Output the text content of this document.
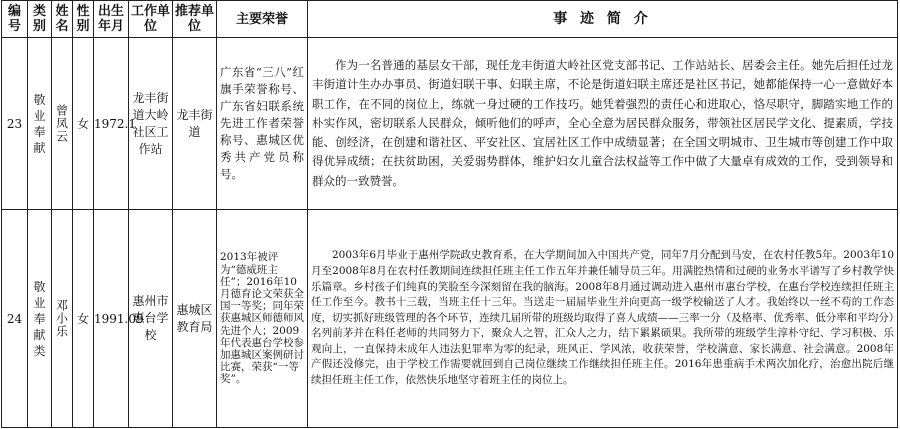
编号	类别	姓名	性别	出生年月	工作单位	推荐单位	主要荣誉	事 迹 简 介
23	敬业奉献	曾凤云	女	1972.1	龙丰街道大岭社区工作站	龙丰街道	广东省“三八”红旗手荣誉称号、广东省妇联系统先进工作者荣誉称号、惠城区优秀共产党员称号。	作为一名普通的基层女干部，现任龙丰街道大岭社区党支部书记、工作站站长、居委会主任。她先后担任过龙丰街道计生办办事员、街道妇联干事、妇联主席，不论是街道妇联主席还是社区书记，她都能保持一心一意做好本职工作，在不同的岗位上，练就一身过硬的工作技巧。她凭着强烈的责任心和进取心，恪尽职守，脚踏实地工作的朴实作风，密切联系人民群众，倾听他们的呼声，全心全意为居民群众服务，带领社区居民学文化、提素质，学技能、创经济，在创建和谐社区、平安社区、宜居社区工作中成绩显著；在全国文明城市、卫生城市等创建工作中取得优异成绩；在扶贫助困，关爱弱势群体，维护妇女儿童合法权益等工作中做了大量卓有成效的工作，受到领导和群众的一致赞誉。
24	敬业奉献类	邓小乐	女	1991.09	惠州市惠台学校	惠城区教育局	2013年被评为“德威班主任”；2016年10月德育论文荣获全国一等奖；同年荣获惠城区师德师风先进个人；2009年代表惠台学校参加惠城区案例研讨比赛，荣获“一等奖”。	2003年6月毕业于惠州学院政史教育系，在大学期间加入中国共产党，同年7月分配到马安，在农村任教5年。2003年10月至2008年8月在农村任教期间连续担任班主任工作五年并兼任辅导员三年。用满腔热情和过硬的业务水平谱写了乡村教学快乐篇章。乡村孩子们纯真的笑脸至今深刻留在我的脑海。2008年8月通过调动进入惠州市惠台学校，在惠台学校连续担任班主任工作至今。教书十三载，当班主任十三年。当送走一届届毕业生并向更高一级学校输送了人才。我始终以一丝不苟的工作态度，切实抓好班级管理的各个环节，连续几届所带的班级均取得了喜人成绩——三率一分（及格率、优秀率、低分率和平均分）名列前茅并在科任老师的共同努力下，聚众人之智，汇众人之力，结下累累硕果。我所带的班级学生淳朴守纪、学习积极、乐观向上，一直保持未成年人违法犯罪率为零的纪录，班风正、学风浓，收获荣誉，学校满意、家长满意、社会满意。2008年产假还没修完，由于学校工作需要就回到自己岗位继续工作继续担任班主任。2016年患重病手术两次加化疗，治愈出院后继续担任班主任工作，依然快乐地坚守着班主任的岗位上。
